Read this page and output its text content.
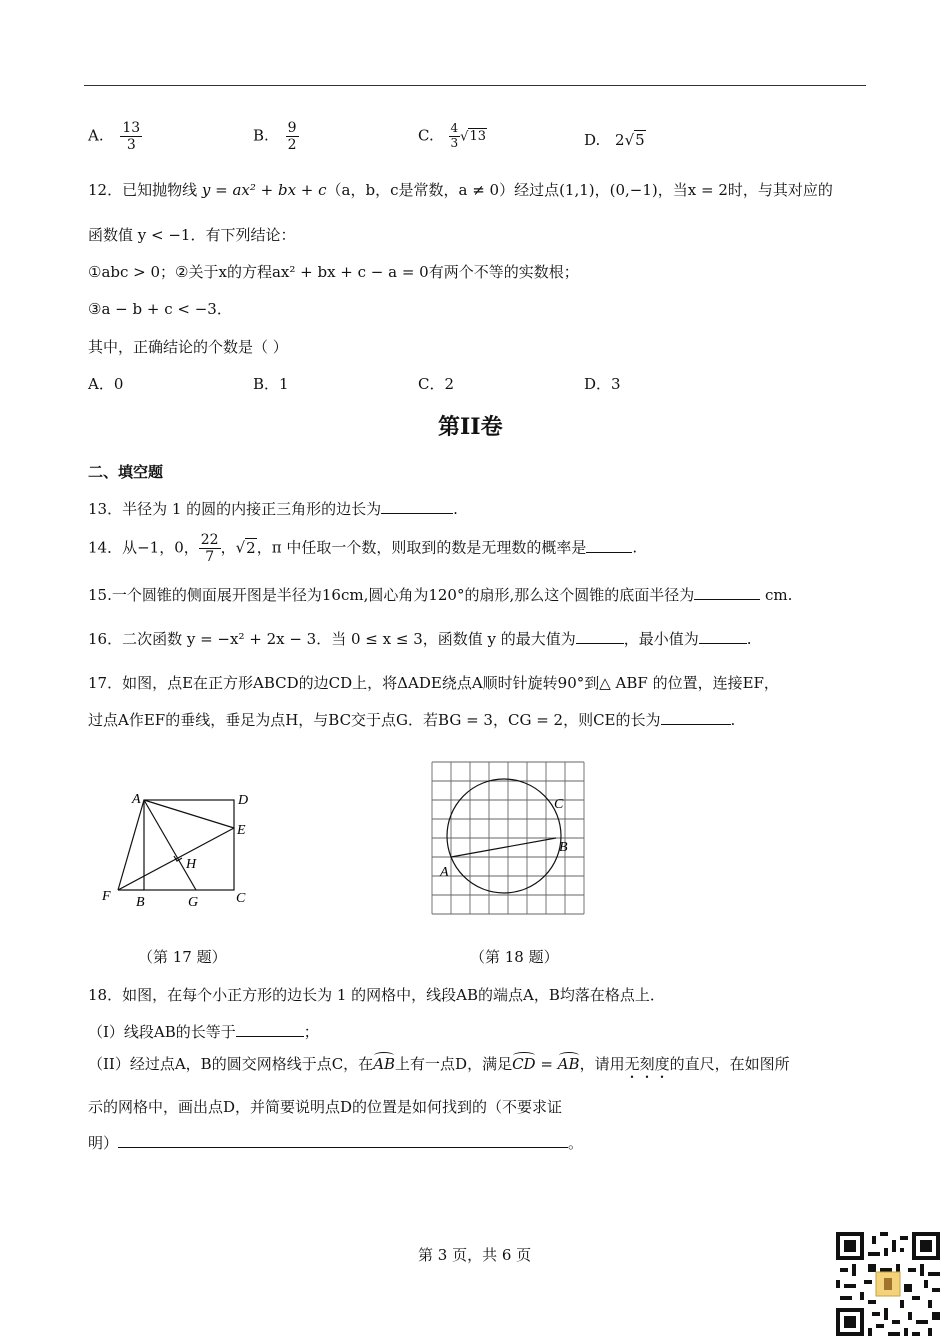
A. $\frac{13}{3}$	B. $\frac{9}{2}$	C. $\frac{4}{3} √13$	D. 2√5
12．已知抛物线 y = ax² + bx + c（a，b，c是常数，a ≠ 0）经过点(1,1)，(0,−1)，当x = 2时，与其对应的
函数值 y < −1．有下列结论：
①abc > 0；②关于x的方程ax² + bx + c − a = 0有两个不等的实数根；
③a − b + c < −3．
其中，正确结论的个数是（ ）
A．0	B．1	C．2	D．3
第II卷
二、填空题
13．半径为 1 的圆的内接正三角形的边长为	.
14．从−1，0， $\frac{22}{7}$ ，√2，π 中任取一个数，则取到的数是无理数的概率是	.
15.一个圆锥的侧面展开图是半径为16cm,圆心角为120°的扇形,那么这个圆锥的底面半径为	cm.
16．二次函数 y = −x² + 2x − 3．当 0 ≤ x ≤ 3，函数值 y 的最大值为	，最小值为	.
17．如图，点E在正方形ABCD的边CD上，将ΔADE绕点A顺时针旋转90°到△ ABF 的位置，连接EF，
过点A作EF的垂线，垂足为点H，与BC交于点G．若BG = 3，CG = 2，则CE的长为	.
A	D
E
H
F B	G	C
（第 17 题）
C
B
A
（第 18 题）
18．如图，在每个小正方形的边长为 1 的网格中，线段AB的端点A，B均落在格点上．
（I）线段AB的长等于	；
（II）经过点A，B的圆交网格线于点C，在AB上有一点D，满足CD = AB，请用无刻度的直尺，在如图所
示的网格中，画出点D，并简要说明点D的位置是如何找到的（不要求证
明）	。
第 3 页，共 6 页
